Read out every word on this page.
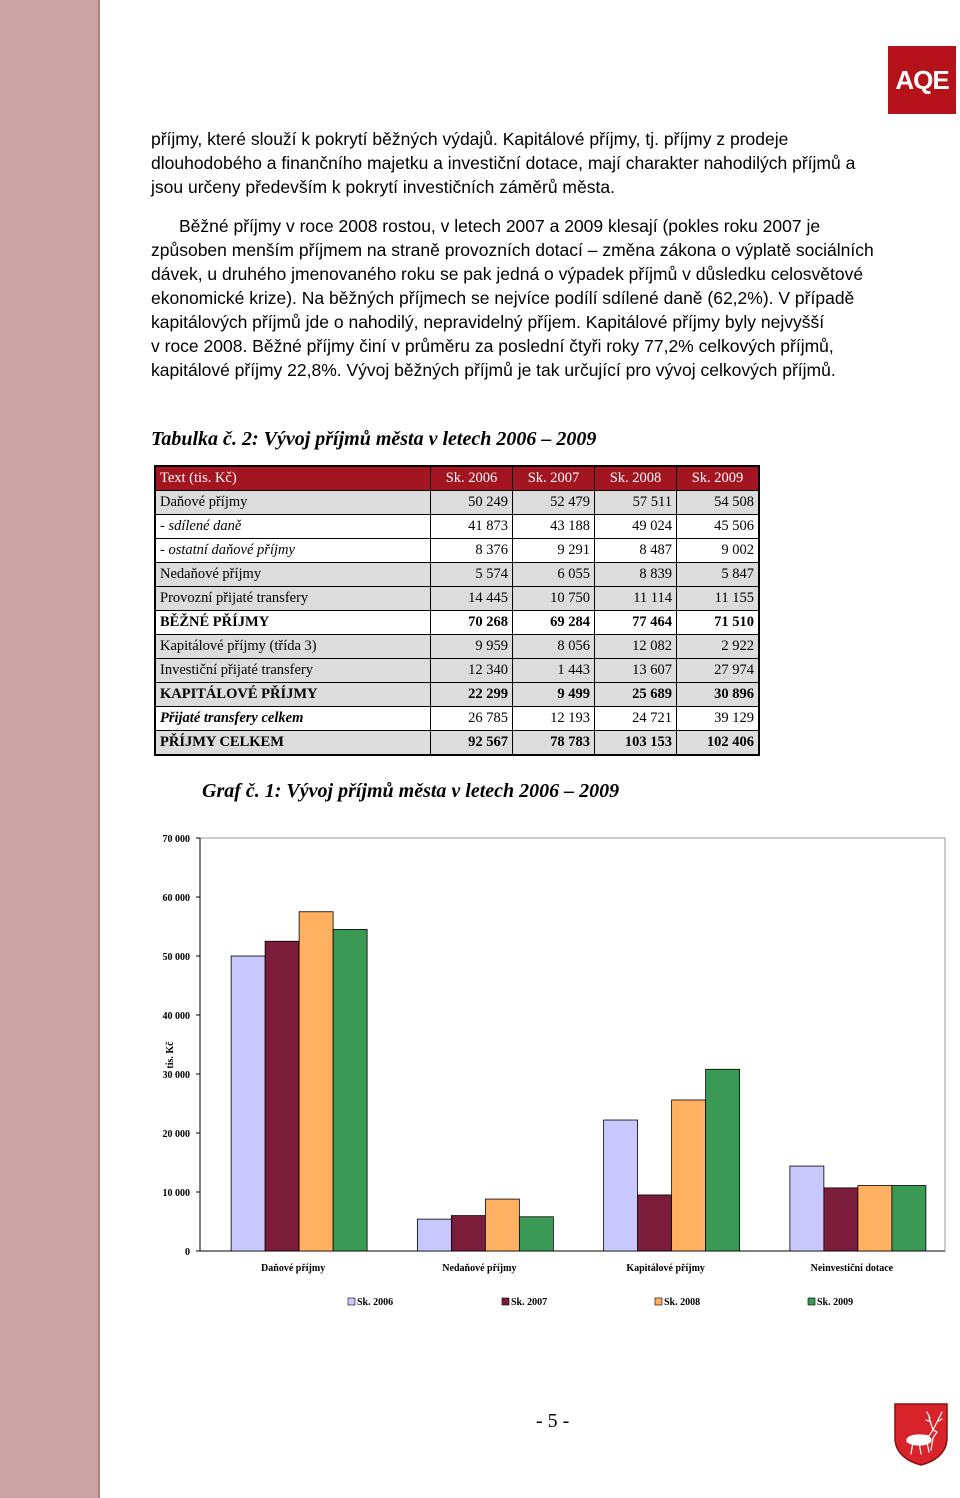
AQE
příjmy, které slouží k pokrytí běžných výdajů. Kapitálové příjmy, tj. příjmy z prodeje
dlouhodobého a finančního majetku a investiční dotace, mají charakter nahodilých příjmů a
jsou určeny především k pokrytí investičních záměrů města.
Běžné příjmy v roce 2008 rostou, v letech 2007 a 2009 klesají (pokles roku 2007 je
způsoben menším příjmem na straně provozních dotací – změna zákona o výplatě sociálních
dávek, u druhého jmenovaného roku se pak jedná o výpadek příjmů v důsledku celosvětové
ekonomické krize). Na běžných příjmech se nejvíce podílí sdílené daně (62,2%). V případě
kapitálových příjmů jde o nahodilý, nepravidelný příjem. Kapitálové příjmy byly nejvyšší
v roce 2008. Běžné příjmy činí v průměru za poslední čtyři roky 77,2% celkových příjmů,
kapitálové příjmy 22,8%. Vývoj běžných příjmů je tak určující pro vývoj celkových příjmů.
Tabulka č. 2: Vývoj příjmů města v letech 2006 – 2009
Text (tis. Kč)	Sk. 2006	Sk. 2007	Sk. 2008	Sk. 2009
Daňové příjmy	50 249	52 479	57 511	54 508
- sdílené daně	41 873	43 188	49 024	45 506
- ostatní daňové příjmy	8 376	9 291	8 487	9 002
Nedaňové příjmy	5 574	6 055	8 839	5 847
Provozní přijaté transfery	14 445	10 750	11 114	11 155
BĚŽNÉ PŘÍJMY	70 268	69 284	77 464	71 510
Kapitálové příjmy (třída 3)	9 959	8 056	12 082	2 922
Investiční přijaté transfery	12 340	1 443	13 607	27 974
KAPITÁLOVÉ PŘÍJMY	22 299	9 499	25 689	30 896
Přijaté transfery celkem	26 785	12 193	24 721	39 129
PŘÍJMY CELKEM	92 567	78 783	103 153	102 406
Graf č. 1: Vývoj příjmů města v letech 2006 – 2009
0
10 000
20 000
30 000
40 000
50 000
60 000
70 000
tis. Kč
Daňové příjmy	Nedaňové příjmy	Kapitálové příjmy	Neinvestiční dotace
Sk. 2006	Sk. 2007	Sk. 2008	Sk. 2009
- 5 -
